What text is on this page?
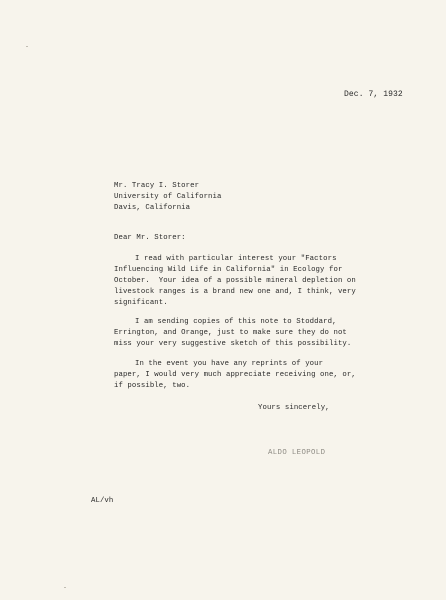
Dec. 7, 1932
Mr. Tracy I. Storer
University of California
Davis, California
Dear Mr. Storer:
I read with particular interest your "Factors
Influencing Wild Life in California" in Ecology for
October.  Your idea of a possible mineral depletion on
livestock ranges is a brand new one and, I think, very
significant.
I am sending copies of this note to Stoddard,
Errington, and Orange, just to make sure they do not
miss your very suggestive sketch of this possibility.
In the event you have any reprints of your
paper, I would very much appreciate receiving one, or,
if possible, two.
Yours sincerely,
ALDO LEOPOLD
AL/vh
